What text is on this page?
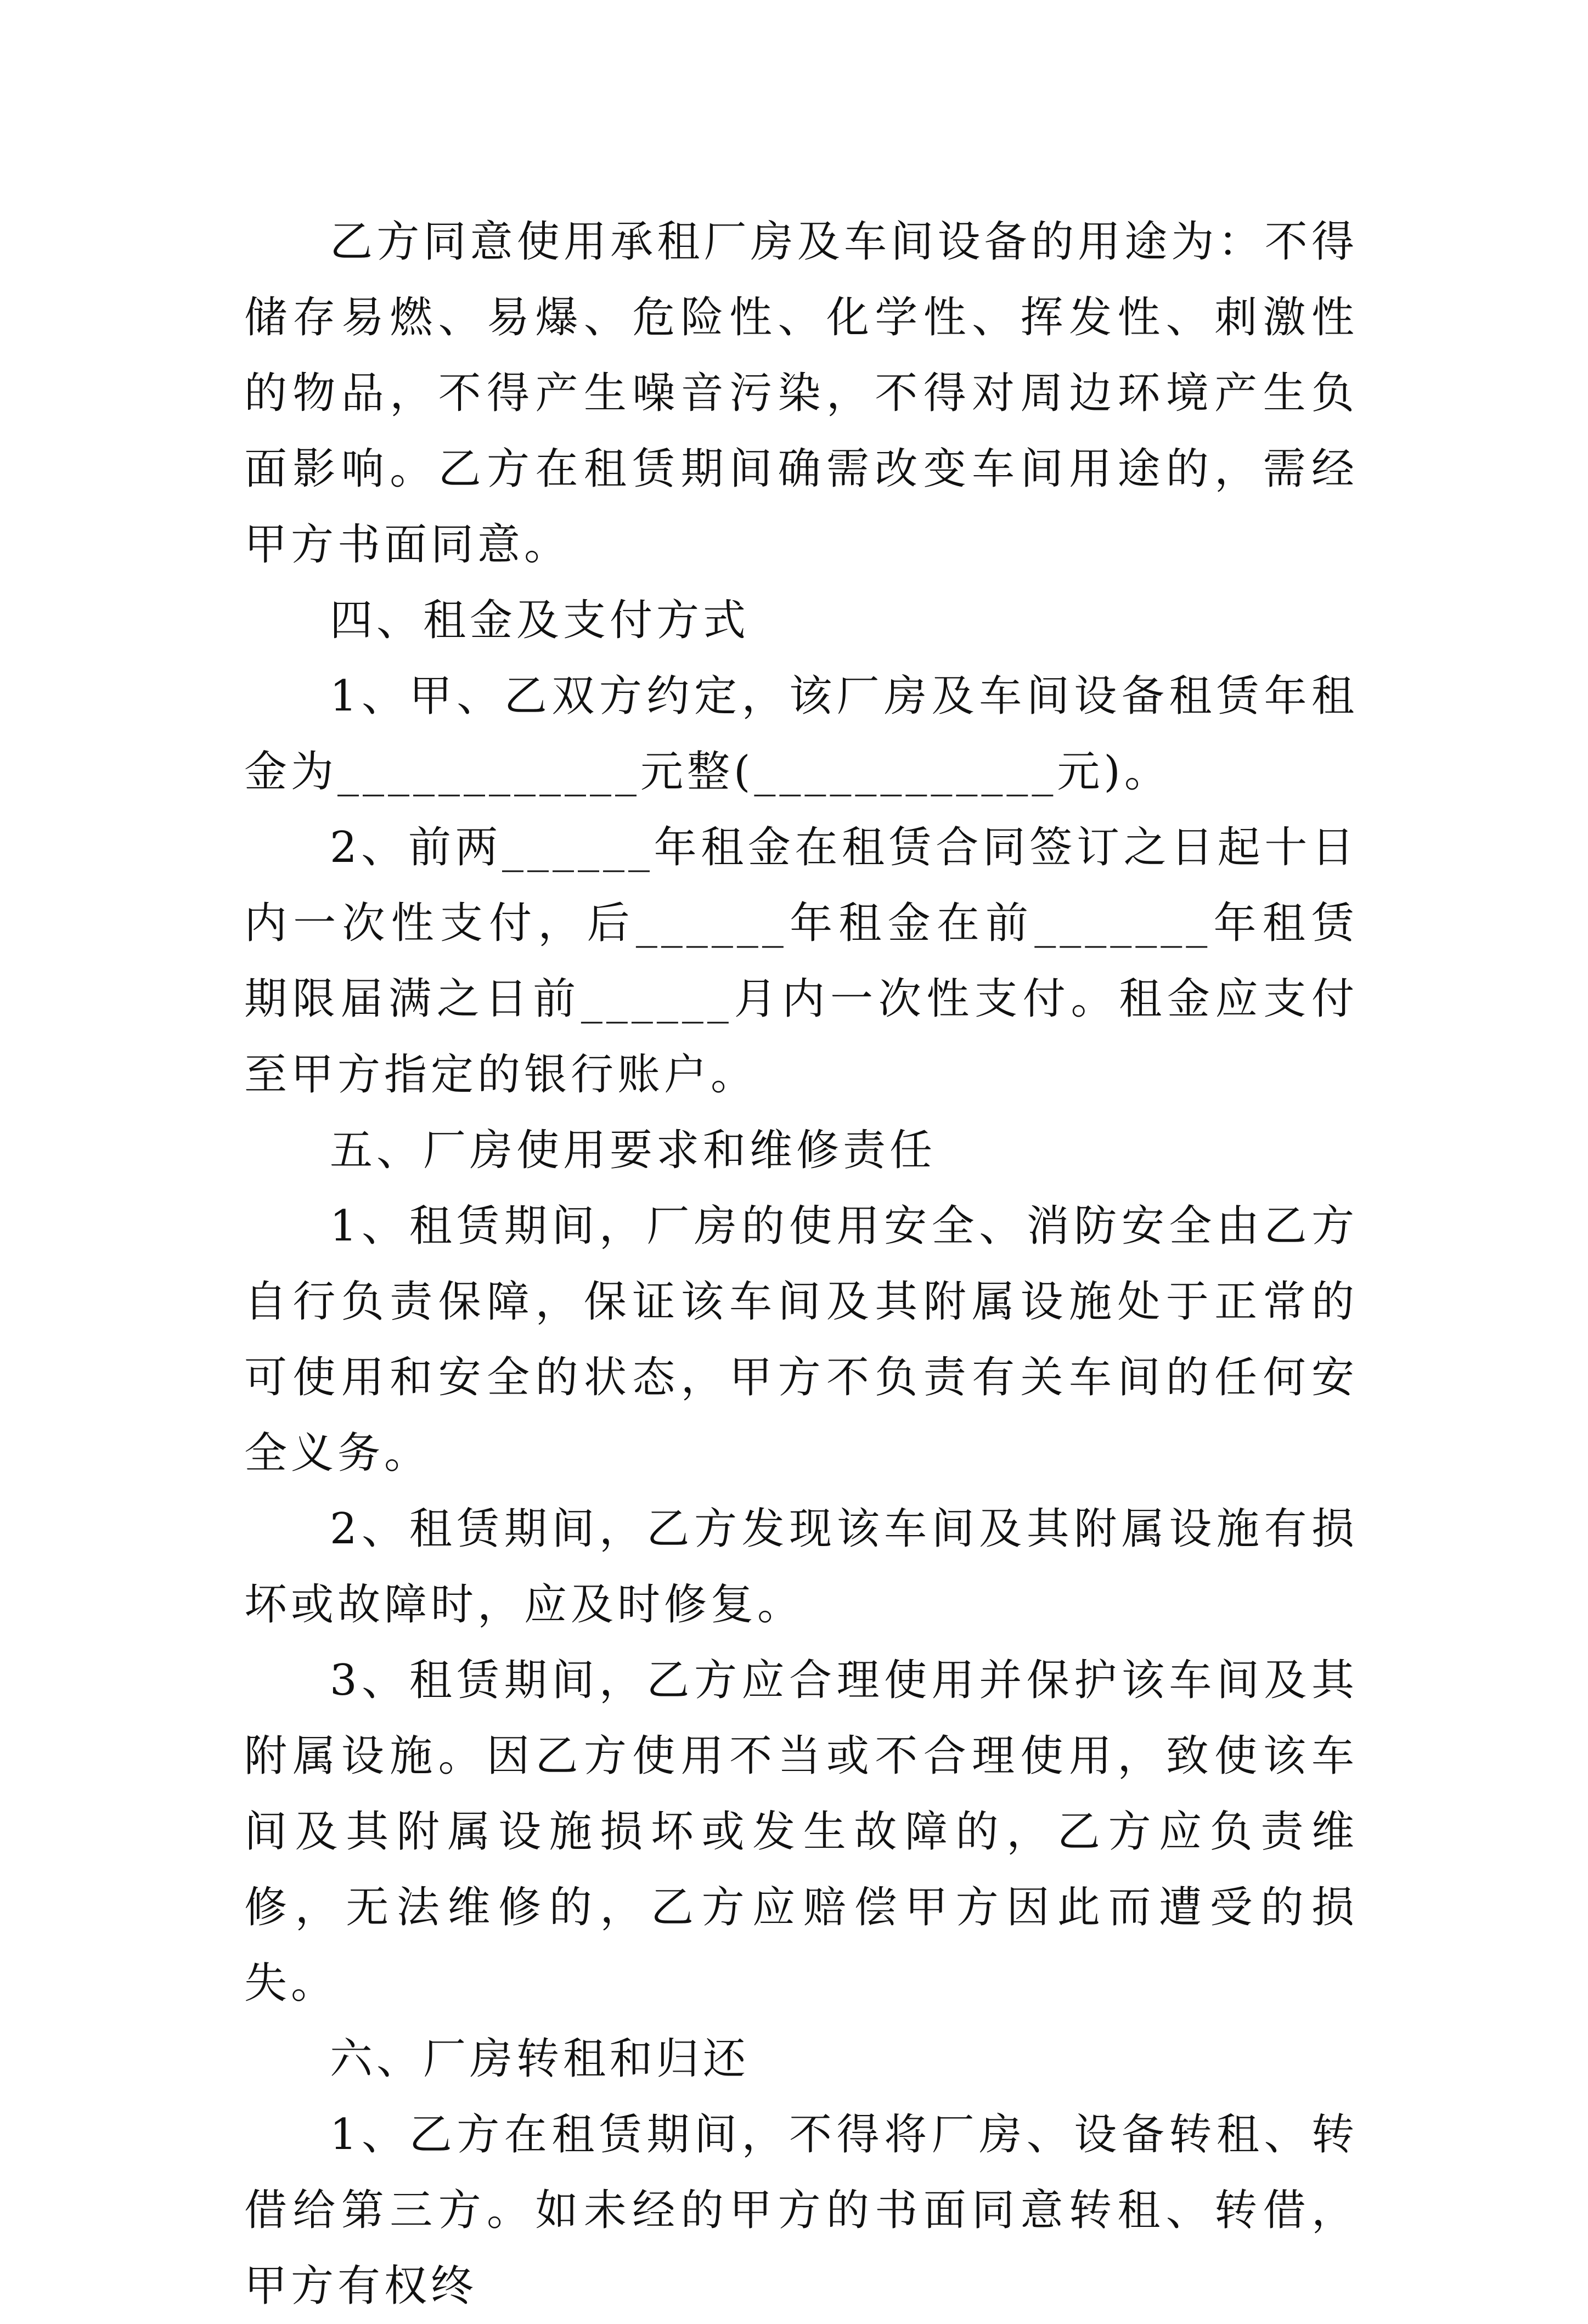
乙方同意使用承租厂房及车间设备的用途为：不得储存易燃、易爆、危险性、化学性、挥发性、刺激性的物品，不得产生噪音污染，不得对周边环境产生负面影响。乙方在租赁期间确需改变车间用途的，需经甲方书面同意。

四、租金及支付方式

1、甲、乙双方约定，该厂房及车间设备租赁年租金为____________元整(____________元)。

2、前两______年租金在租赁合同签订之日起十日内一次性支付，后______年租金在前_______年租赁期限届满之日前______月内一次性支付。租金应支付至甲方指定的银行账户。

五、厂房使用要求和维修责任

1、租赁期间，厂房的使用安全、消防安全由乙方自行负责保障，保证该车间及其附属设施处于正常的可使用和安全的状态，甲方不负责有关车间的任何安全义务。

2、租赁期间，乙方发现该车间及其附属设施有损坏或故障时，应及时修复。

3、租赁期间，乙方应合理使用并保护该车间及其附属设施。因乙方使用不当或不合理使用，致使该车间及其附属设施损坏或发生故障的，乙方应负责维修，无法维修的，乙方应赔偿甲方因此而遭受的损失。

六、厂房转租和归还

1、乙方在租赁期间，不得将厂房、设备转租、转借给第三方。如未经的甲方的书面同意转租、转借，甲方有权终
